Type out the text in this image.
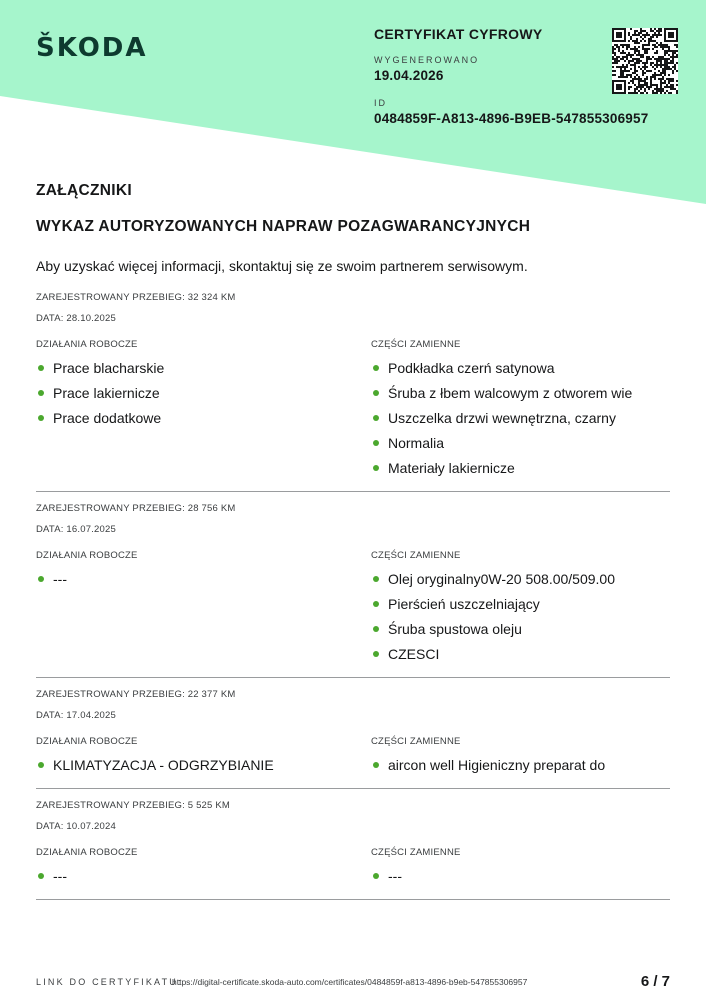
ŠKODA	CERTYFIKAT CYFROWY
WYGENEROWANO
19.04.2026
ID
0484859F-A813-4896-B9EB-547855306957
ZAŁĄCZNIKI
WYKAZ AUTORYZOWANYCH NAPRAW POZAGWARANCYJNYCH
Aby uzyskać więcej informacji, skontaktuj się ze swoim partnerem serwisowym.
ZAREJESTROWANY PRZEBIEG: 32 324 KM
DATA: 28.10.2025
DZIAŁANIA ROBOCZE
Prace blacharskie
Prace lakiernicze
Prace dodatkowe
CZĘŚCI ZAMIENNE
Podkładka czerń satynowa
Śruba z łbem walcowym z otworem wie
Uszczelka drzwi wewnętrzna, czarny
Normalia
Materiały lakiernicze
ZAREJESTROWANY PRZEBIEG: 28 756 KM
DATA: 16.07.2025
DZIAŁANIA ROBOCZE
---
CZĘŚCI ZAMIENNE
Olej oryginalny0W-20 508.00/509.00
Pierścień uszczelniający
Śruba spustowa oleju
CZESCI
ZAREJESTROWANY PRZEBIEG: 22 377 KM
DATA: 17.04.2025
DZIAŁANIA ROBOCZE
KLIMATYZACJA - ODGRZYBIANIE
CZĘŚCI ZAMIENNE
aircon well Higieniczny preparat do
ZAREJESTROWANY PRZEBIEG: 5 525 KM
DATA: 10.07.2024
DZIAŁANIA ROBOCZE
---
CZĘŚCI ZAMIENNE
---
LINK DO CERTYFIKATU:
https://digital-certificate.skoda-auto.com/certificates/0484859f-a813-4896-b9eb-547855306957	6 / 7
